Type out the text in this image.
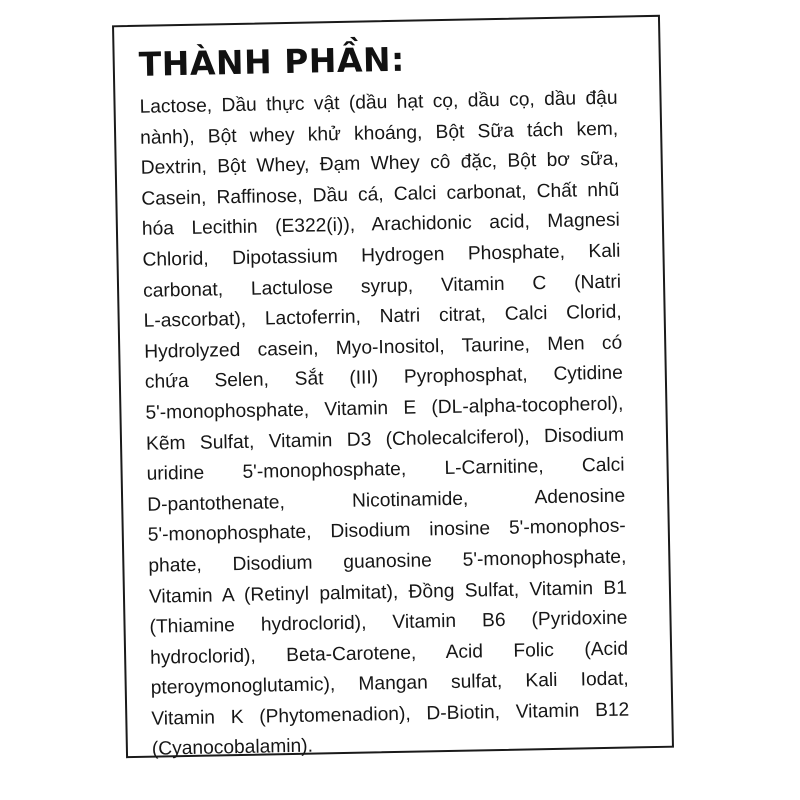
THÀNH PHẦN:
Lactose, Dầu thực vật (dầu hạt cọ, dầu cọ, dầu đậu
nành), Bột whey khử khoáng, Bột Sữa tách kem,
Dextrin, Bột Whey, Đạm Whey cô đặc, Bột bơ sữa,
Casein, Raffinose, Dầu cá, Calci carbonat, Chất nhũ
hóa Lecithin (E322(i)), Arachidonic acid, Magnesi
Chlorid, Dipotassium Hydrogen Phosphate, Kali
carbonat, Lactulose syrup, Vitamin C (Natri
L-ascorbat), Lactoferrin, Natri citrat, Calci Clorid,
Hydrolyzed casein, Myo-Inositol, Taurine, Men có
chứa Selen, Sắt (III) Pyrophosphat, Cytidine
5'-monophosphate, Vitamin E (DL-alpha-tocopherol),
Kẽm Sulfat, Vitamin D3 (Cholecalciferol), Disodium
uridine 5'-monophosphate, L-Carnitine, Calci
D-pantothenate, Nicotinamide, Adenosine
5'-monophosphate, Disodium inosine 5'-monophos-
phate, Disodium guanosine 5'-monophosphate,
Vitamin A (Retinyl palmitat), Đồng Sulfat, Vitamin B1
(Thiamine hydroclorid), Vitamin B6 (Pyridoxine
hydroclorid), Beta-Carotene, Acid Folic (Acid
pteroymonoglutamic), Mangan sulfat, Kali Iodat,
Vitamin K (Phytomenadion), D-Biotin, Vitamin B12
(Cyanocobalamin).
